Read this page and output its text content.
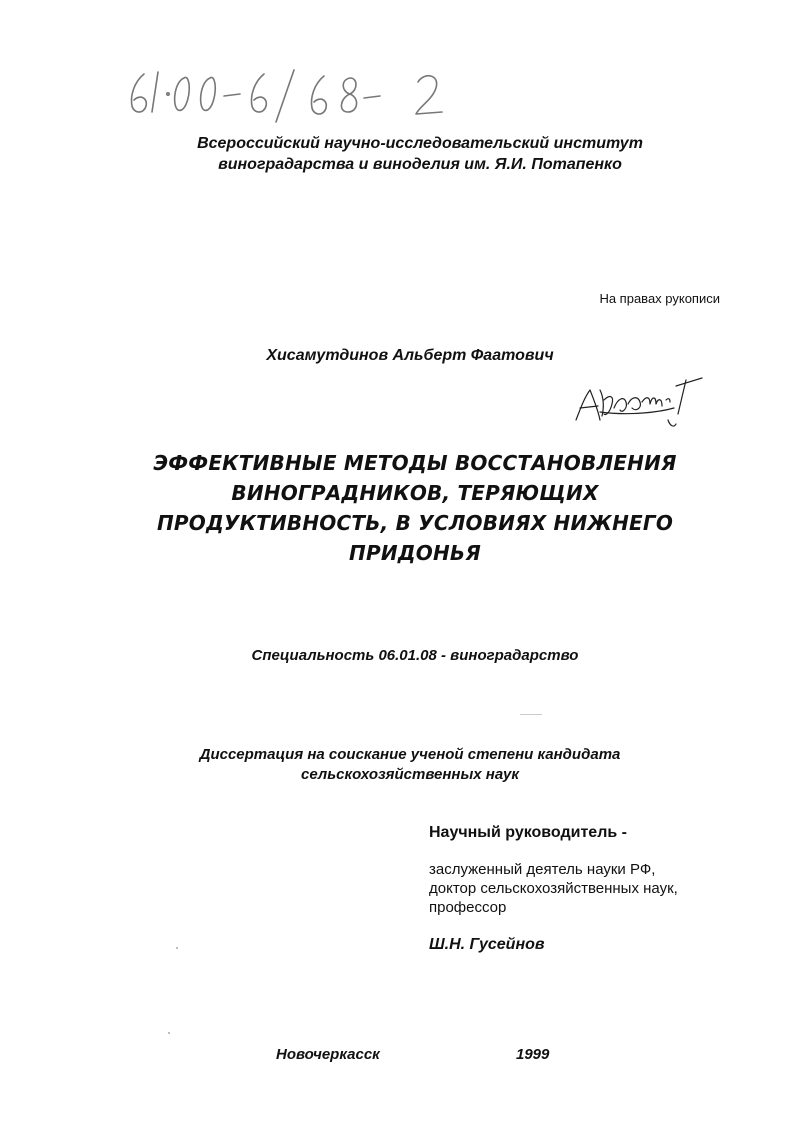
Всероссийский научно-исследовательский институт
виноградарства и виноделия им. Я.И. Потапенко
На правах рукописи
Хисамутдинов Альберт Фаатович
ЭФФЕКТИВНЫЕ МЕТОДЫ ВОССТАНОВЛЕНИЯ
ВИНОГРАДНИКОВ, ТЕРЯЮЩИХ
ПРОДУКТИВНОСТЬ, В УСЛОВИЯХ НИЖНЕГО
ПРИДОНЬЯ
Специальность 06.01.08 - виноградарство
Диссертация на соискание ученой степени кандидата
сельскохозяйственных наук
Научный руководитель -
заслуженный деятель науки РФ,
доктор сельскохозяйственных наук,
профессор
Ш.Н. Гусейнов
Новочеркасск	1999
